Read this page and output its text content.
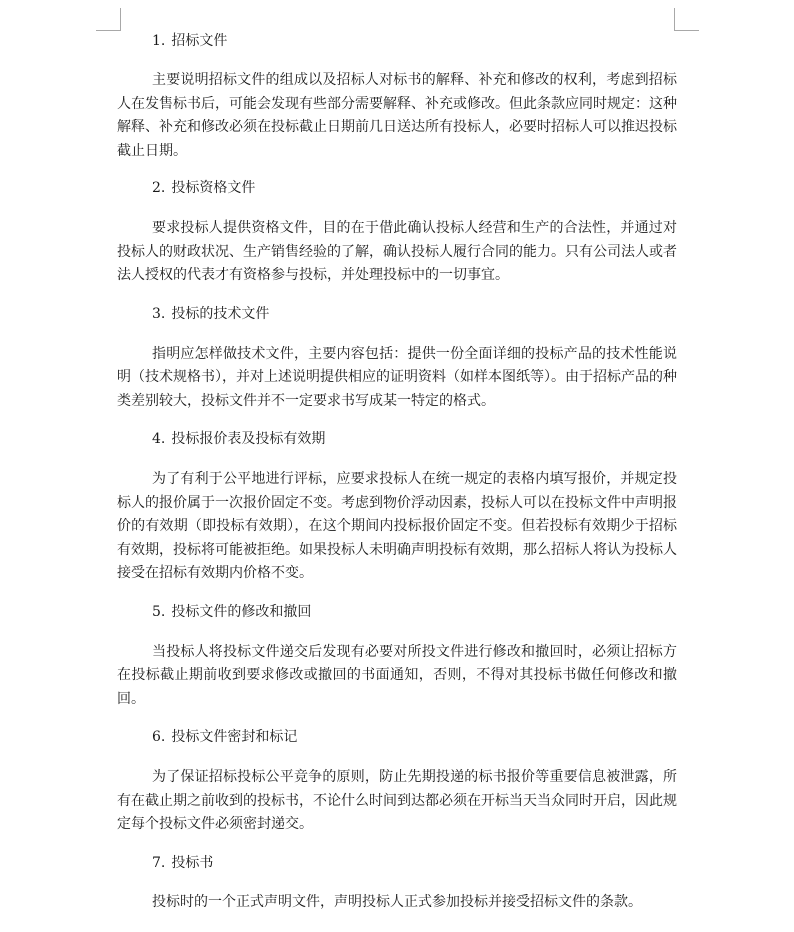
1. 招标文件

主要说明招标文件的组成以及招标人对标书的解释、补充和修改的权利，考虑到招标人在发售标书后，可能会发现有些部分需要解释、补充或修改。但此条款应同时规定：这种解释、补充和修改必须在投标截止日期前几日送达所有投标人，必要时招标人可以推迟投标截止日期。

2. 投标资格文件

要求投标人提供资格文件，目的在于借此确认投标人经营和生产的合法性，并通过对投标人的财政状况、生产销售经验的了解，确认投标人履行合同的能力。只有公司法人或者法人授权的代表才有资格参与投标，并处理投标中的一切事宜。

3. 投标的技术文件

指明应怎样做技术文件，主要内容包括：提供一份全面详细的投标产品的技术性能说明（技术规格书），并对上述说明提供相应的证明资料（如样本图纸等）。由于招标产品的种类差别较大，投标文件并不一定要求书写成某一特定的格式。

4. 投标报价表及投标有效期

为了有利于公平地进行评标，应要求投标人在统一规定的表格内填写报价，并规定投标人的报价属于一次报价固定不变。考虑到物价浮动因素，投标人可以在投标文件中声明报价的有效期（即投标有效期），在这个期间内投标报价固定不变。但若投标有效期少于招标有效期，投标将可能被拒绝。如果投标人未明确声明投标有效期，那么招标人将认为投标人接受在招标有效期内价格不变。

5. 投标文件的修改和撤回

当投标人将投标文件递交后发现有必要对所投文件进行修改和撤回时，必须让招标方在投标截止期前收到要求修改或撤回的书面通知，否则，不得对其投标书做任何修改和撤回。

6. 投标文件密封和标记

为了保证招标投标公平竞争的原则，防止先期投递的标书报价等重要信息被泄露，所有在截止期之前收到的投标书，不论什么时间到达都必须在开标当天当众同时开启，因此规定每个投标文件必须密封递交。

7. 投标书

投标时的一个正式声明文件，声明投标人正式参加投标并接受招标文件的条款。
